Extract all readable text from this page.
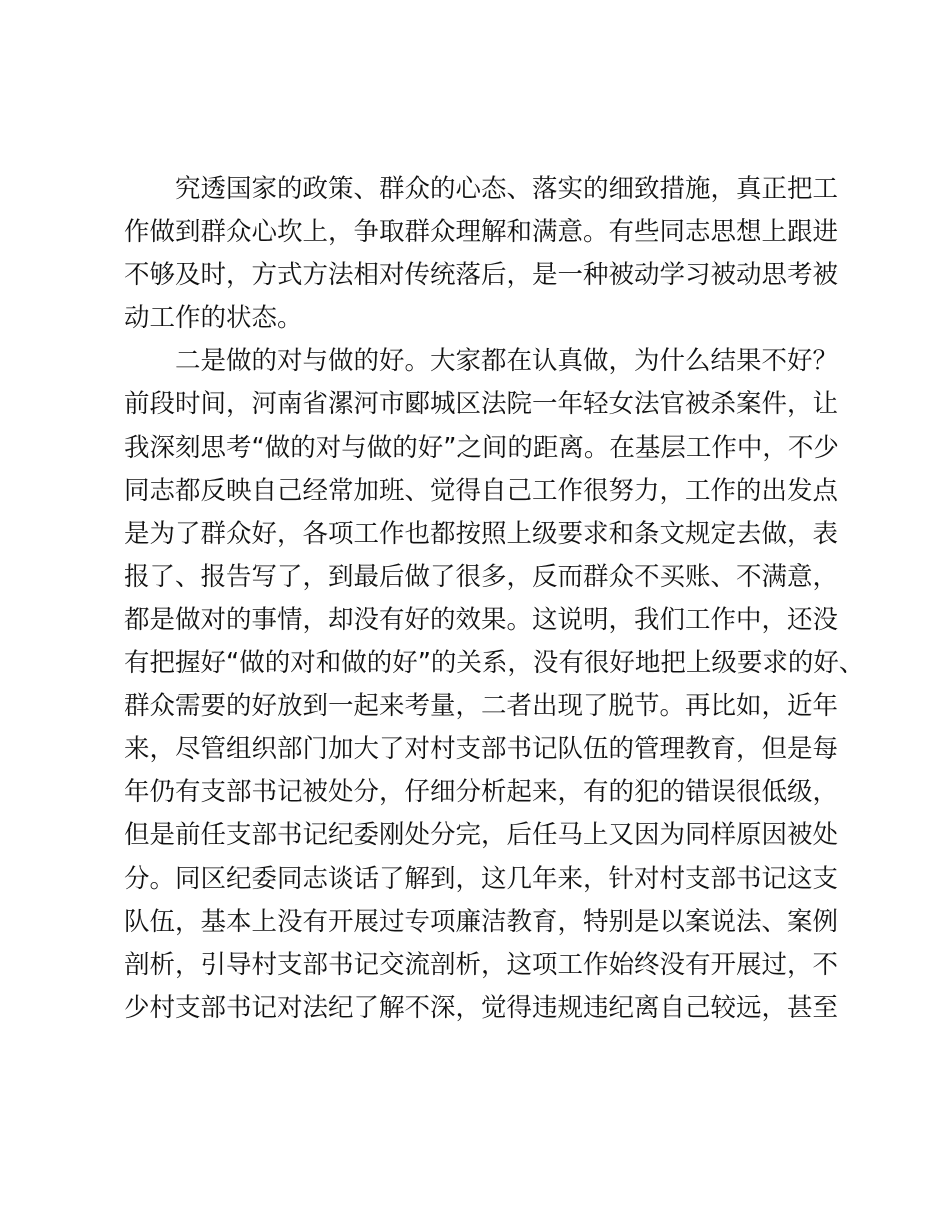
　　究透国家的政策、群众的心态、落实的细致措施，真正把工
作做到群众心坎上，争取群众理解和满意。有些同志思想上跟进
不够及时，方式方法相对传统落后，是一种被动学习被动思考被
动工作的状态。
　　二是做的对与做的好。大家都在认真做，为什么结果不好？
前段时间，河南省漯河市郾城区法院一年轻女法官被杀案件，让
我深刻思考“做的对与做的好”之间的距离。在基层工作中，不少
同志都反映自己经常加班、觉得自己工作很努力，工作的出发点
是为了群众好，各项工作也都按照上级要求和条文规定去做，表
报了、报告写了，到最后做了很多，反而群众不买账、不满意，
都是做对的事情，却没有好的效果。这说明，我们工作中，还没
有把握好“做的对和做的好”的关系，没有很好地把上级要求的好、
群众需要的好放到一起来考量，二者出现了脱节。再比如，近年
来，尽管组织部门加大了对村支部书记队伍的管理教育，但是每
年仍有支部书记被处分，仔细分析起来，有的犯的错误很低级，
但是前任支部书记纪委刚处分完，后任马上又因为同样原因被处
分。同区纪委同志谈话了解到，这几年来，针对村支部书记这支
队伍，基本上没有开展过专项廉洁教育，特别是以案说法、案例
剖析，引导村支部书记交流剖析，这项工作始终没有开展过，不
少村支部书记对法纪了解不深，觉得违规违纪离自己较远，甚至
